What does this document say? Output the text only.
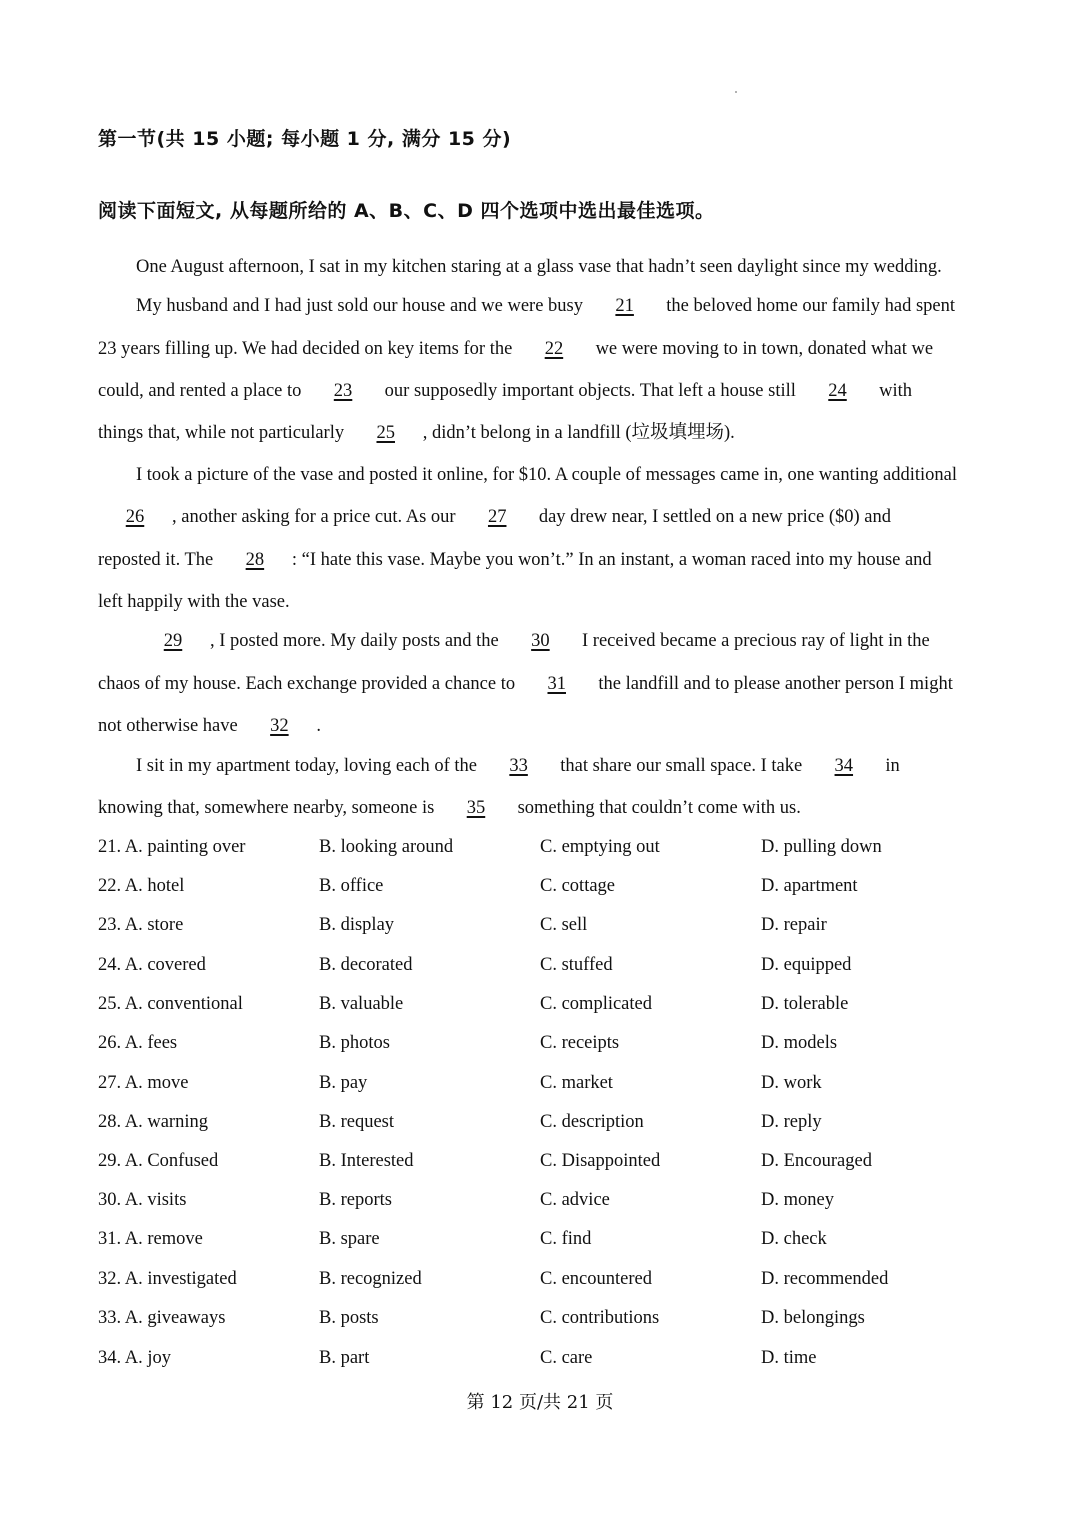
第一节(共 15 小题; 每小题 1 分, 满分 15 分)
阅读下面短文, 从每题所给的 A、B、C、D 四个选项中选出最佳选项。
One August afternoon, I sat in my kitchen staring at a glass vase that hadn’t seen daylight since my wedding.
My husband and I had just sold our house and we were busy 21 the beloved home our family had spent
23 years filling up. We had decided on key items for the 22 we were moving to in town, donated what we
could, and rented a place to 23 our supposedly important objects. That left a house still 24 with
things that, while not particularly 25 , didn’t belong in a landfill (垃圾填埋场).
I took a picture of the vase and posted it online, for $10. A couple of messages came in, one wanting additional
26 , another asking for a price cut. As our 27 day drew near, I settled on a new price ($0) and
reposted it. The 28 : “I hate this vase. Maybe you won’t.” In an instant, a woman raced into my house and
left happily with the vase.
29 , I posted more. My daily posts and the 30 I received became a precious ray of light in the
chaos of my house. Each exchange provided a chance to 31 the landfill and to please another person I might
not otherwise have 32 .
I sit in my apartment today, loving each of the 33 that share our small space. I take 34 in
knowing that, somewhere nearby, someone is 35 something that couldn’t come with us.
21. A. painting over	B. looking around	C. emptying out	D. pulling down
22. A. hotel	B. office	C. cottage	D. apartment
23. A. store	B. display	C. sell	D. repair
24. A. covered	B. decorated	C. stuffed	D. equipped
25. A. conventional	B. valuable	C. complicated	D. tolerable
26. A. fees	B. photos	C. receipts	D. models
27. A. move	B. pay	C. market	D. work
28. A. warning	B. request	C. description	D. reply
29. A. Confused	B. Interested	C. Disappointed	D. Encouraged
30. A. visits	B. reports	C. advice	D. money
31. A. remove	B. spare	C. find	D. check
32. A. investigated	B. recognized	C. encountered	D. recommended
33. A. giveaways	B. posts	C. contributions	D. belongings
34. A. joy	B. part	C. care	D. time
第 12 页/共 21 页
